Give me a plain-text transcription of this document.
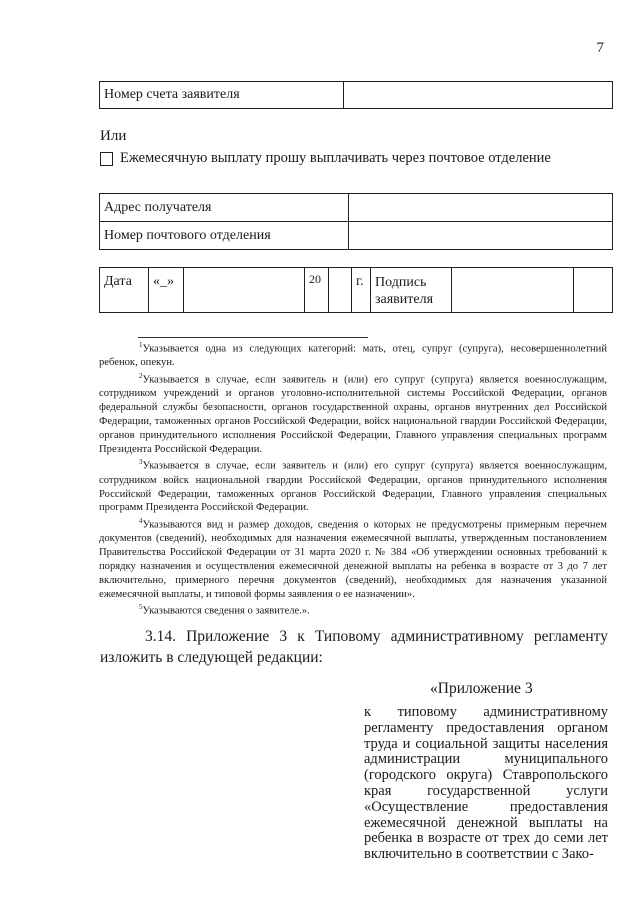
7
Номер счета заявителя	
Или
Ежемесячную выплату прошу выплачивать через почтовое отделение
Адрес получателя	
Номер почтового отделения	
Дата	«_»		20		г.	Подпись заявителя		

$^1$Указывается одна из следующих категорий: мать, отец, супруг (супруга), несовершеннолетний ребенок, опекун.

$^2$Указывается в случае, если заявитель и (или) его супруг (супруга) является военнослужащим, сотрудником учреждений и органов уголовно-исполнительной системы Российской Федерации, органов федеральной службы безопасности, органов государственной охраны, органов внутренних дел Российской Федерации, таможенных органов Российской Федерации, войск национальной гвардии Российской Федерации, органов принудительного исполнения Российской Федерации, Главного управления специальных программ Президента Российской Федерации.

$^3$Указывается в случае, если заявитель и (или) его супруг (супруга) является военнослужащим, сотрудником войск национальной гвардии Российской Федерации, органов принудительного исполнения Российской Федерации, таможенных органов Российской Федерации, Главного управления специальных программ Президента Российской Федерации.

$^4$Указываются вид и размер доходов, сведения о которых не предусмотрены примерным перечнем документов (сведений), необходимых для назначения ежемесячной выплаты, утвержденным постановлением Правительства Российской Федерации от 31 марта 2020 г. № 384 «Об утверждении основных требований к порядку назначения и осуществления ежемесячной денежной выплаты на ребенка в возрасте от 3 до 7 лет включительно, примерного перечня документов (сведений), необходимых для назначения указанной ежемесячной выплаты, и типовой формы заявления о ее назначении».

$^5$Указываются сведения о заявителе.».

3.14. Приложение 3 к Типовому административному регламенту изложить в следующей редакции:
«Приложение 3
к типовому административному регламенту предоставления органом труда и социальной защиты населения администрации муниципального (городского округа) Ставропольского края государственной услуги «Осуществление предоставления ежемесячной денежной выплаты на ребенка в возрасте от трех до семи лет включительно в соответствии с Зако-
